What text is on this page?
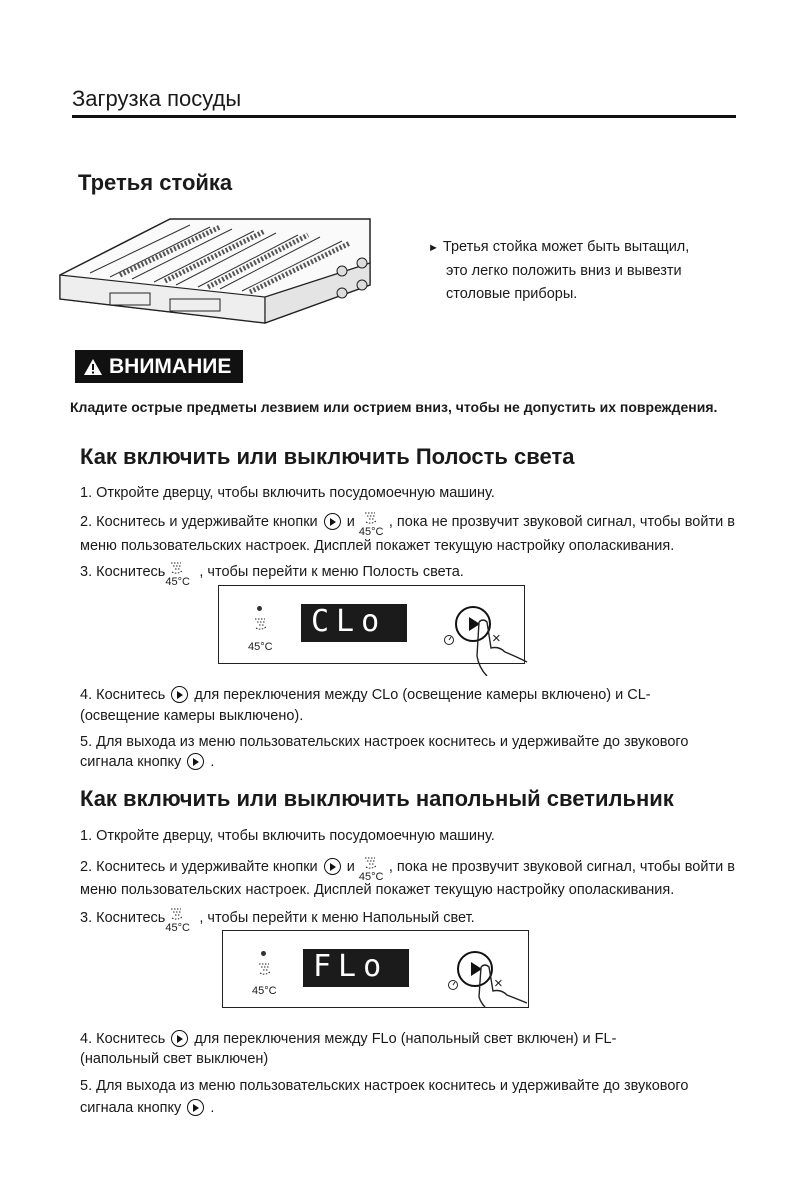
Загрузка посуды
Третья стойка
► Третья стойка может быть вытащил,
это легко положить вниз и вывезти
столовые приборы.
ВНИМАНИЕ
Кладите острые предметы лезвием или острием вниз, чтобы не допустить их повреждения.
Как включить или выключить Полость света
1. Откройте дверцу, чтобы включить посудомоечную машину.
2. Коснитесь и удерживайте кнопки и
45°C
, пока не прозвучит звуковой сигнал, чтобы войти в
меню пользовательских настроек. Дисплей покажет текущую настройку ополаскивания.
3. Коснитесь
45°C
, чтобы перейти к меню Полость света.
45°C
CLo	×
4. Коснитесь для переключения между CLo (освещение камеры включено) и CL-
(освещение камеры выключено).
5. Для выхода из меню пользовательских настроек коснитесь и удерживайте до звукового
сигнала кнопку .
Как включить или выключить напольный светильник
1. Откройте дверцу, чтобы включить посудомоечную машину.
2. Коснитесь и удерживайте кнопки и
45°C
, пока не прозвучит звуковой сигнал, чтобы войти в
меню пользовательских настроек. Дисплей покажет текущую настройку ополаскивания.
3. Коснитесь
45°C
, чтобы перейти к меню Напольный свет.
45°C
FLo	×
4. Коснитесь для переключения между FLo (напольный свет включен) и FL-
(напольный свет выключен)
5. Для выхода из меню пользовательских настроек коснитесь и удерживайте до звукового
сигнала кнопку .
